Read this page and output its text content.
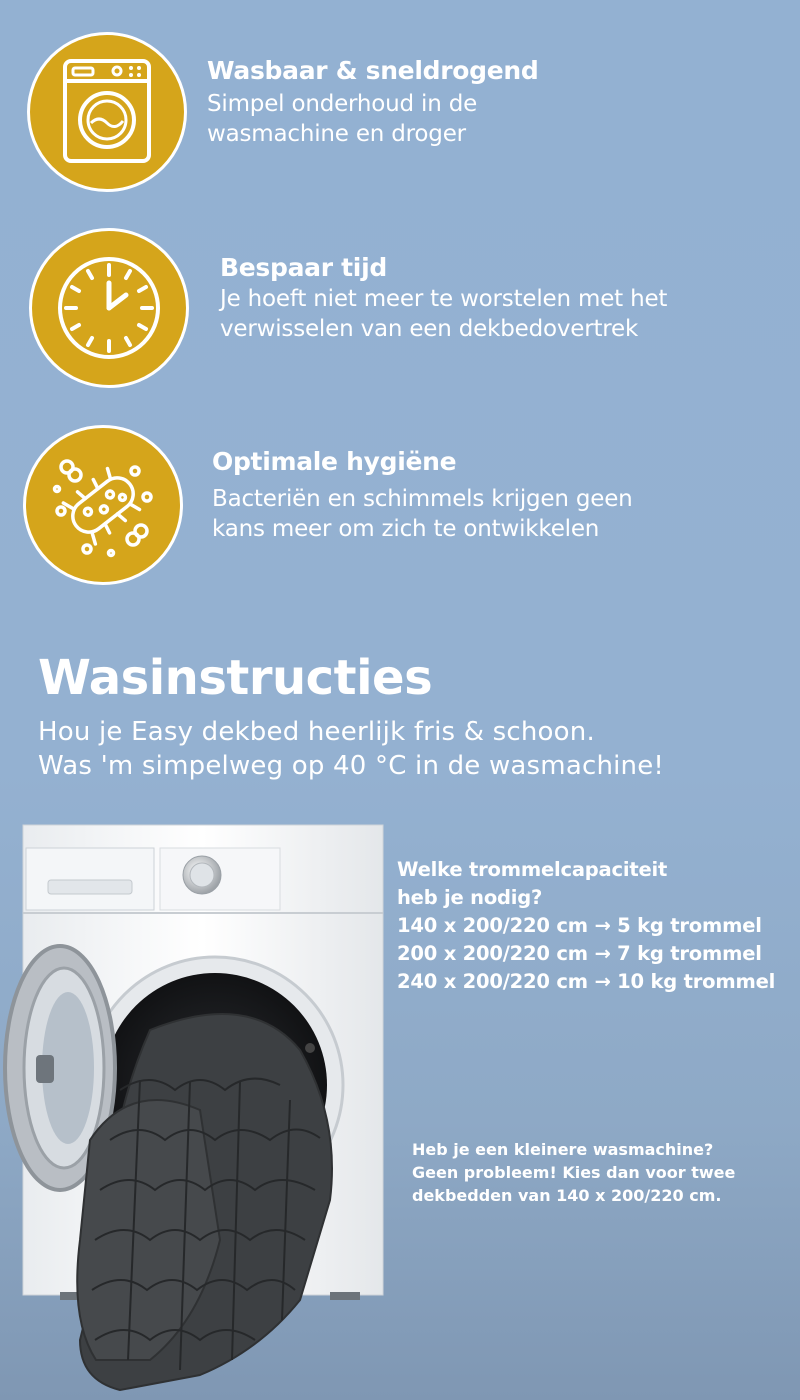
Wasbaar & sneldrogend
Simpel onderhoud in de
wasmachine en droger
Bespaar tijd
Je hoeft niet meer te worstelen met het
verwisselen van een dekbedovertrek
Optimale hygiëne
Bacteriën en schimmels krijgen geen
kans meer om zich te ontwikkelen
Wasinstructies
Hou je Easy dekbed heerlijk fris & schoon.
Was 'm simpelweg op 40 °C in de wasmachine!
Welke trommelcapaciteit
heb je nodig?
140 x 200/220 cm → 5 kg trommel
200 x 200/220 cm → 7 kg trommel
240 x 200/220 cm → 10 kg trommel
Heb je een kleinere wasmachine?
Geen probleem! Kies dan voor twee
dekbedden van 140 x 200/220 cm.
